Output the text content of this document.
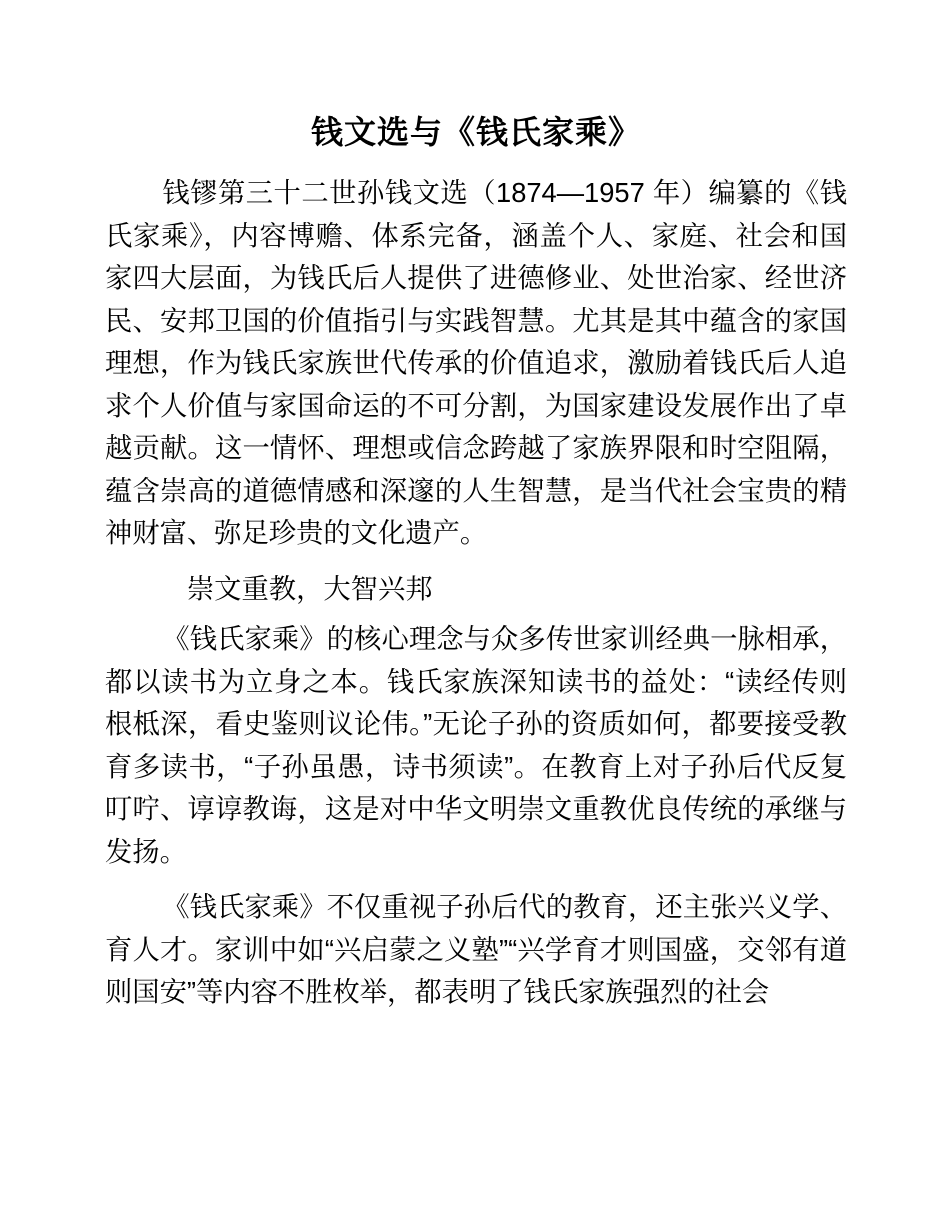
钱文选与《钱氏家乘》

钱镠第三十二世孙钱文选（1874—1957 年）编纂的《钱氏家乘》，内容博赡、体系完备，涵盖个人、家庭、社会和国家四大层面，为钱氏后人提供了进德修业、处世治家、经世济民、安邦卫国的价值指引与实践智慧。尤其是其中蕴含的家国理想，作为钱氏家族世代传承的价值追求，激励着钱氏后人追求个人价值与家国命运的不可分割，为国家建设发展作出了卓越贡献。这一情怀、理想或信念跨越了家族界限和时空阻隔，蕴含崇高的道德情感和深邃的人生智慧，是当代社会宝贵的精神财富、弥足珍贵的文化遗产。

崇文重教，大智兴邦

《钱氏家乘》的核心理念与众多传世家训经典一脉相承，都以读书为立身之本。钱氏家族深知读书的益处：“读经传则根柢深，看史鉴则议论伟。”无论子孙的资质如何，都要接受教育多读书，“子孙虽愚，诗书须读”。在教育上对子孙后代反复叮咛、谆谆教诲，这是对中华文明崇文重教优良传统的承继与发扬。

《钱氏家乘》不仅重视子孙后代的教育，还主张兴义学、育人才。家训中如“兴启蒙之义塾”“兴学育才则国盛，交邻有道则国安”等内容不胜枚举，都表明了钱氏家族强烈的社会
